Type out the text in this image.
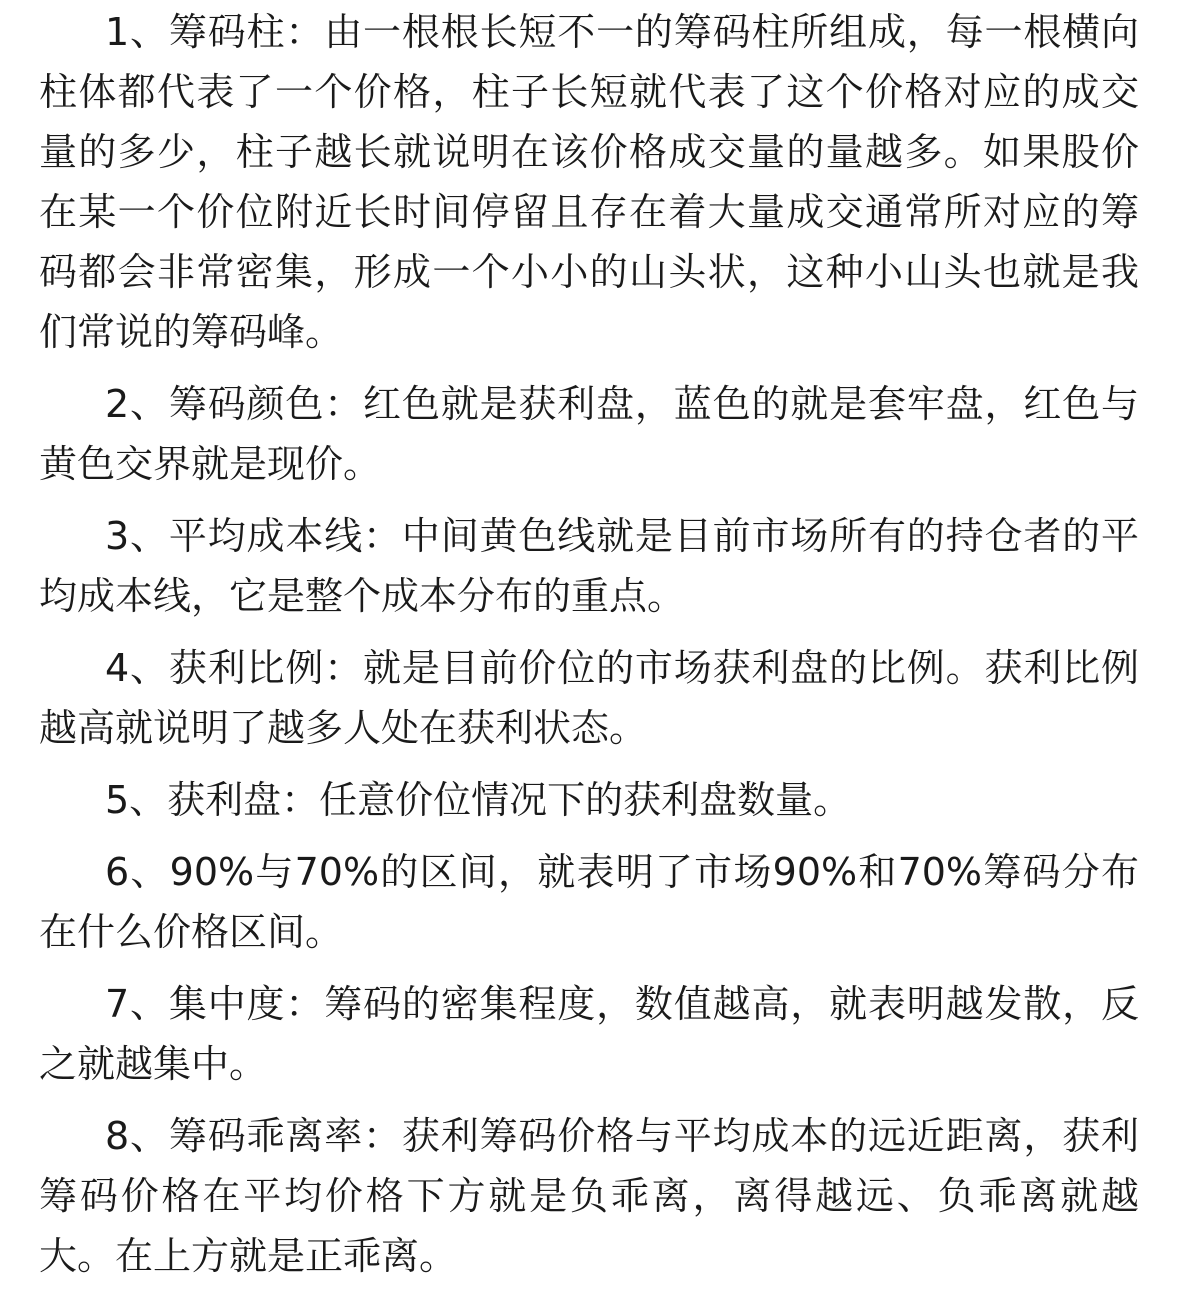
1、筹码柱：由一根根长短不一的筹码柱所组成，每一根横向柱体都代表了一个价格，柱子长短就代表了这个价格对应的成交量的多少，柱子越长就说明在该价格成交量的量越多。如果股价在某一个价位附近长时间停留且存在着大量成交通常所对应的筹码都会非常密集，形成一个小小的山头状，这种小山头也就是我们常说的筹码峰。

2、筹码颜色：红色就是获利盘，蓝色的就是套牢盘，红色与黄色交界就是现价。

3、平均成本线：中间黄色线就是目前市场所有的持仓者的平均成本线，它是整个成本分布的重点。

4、获利比例：就是目前价位的市场获利盘的比例。获利比例越高就说明了越多人处在获利状态。

5、获利盘：任意价位情况下的获利盘数量。

6、90%与70%的区间，就表明了市场90%和70%筹码分布在什么价格区间。

7、集中度：筹码的密集程度，数值越高，就表明越发散，反之就越集中。

8、筹码乖离率：获利筹码价格与平均成本的远近距离，获利筹码价格在平均价格下方就是负乖离，离得越远、负乖离就越大。在上方就是正乖离。
